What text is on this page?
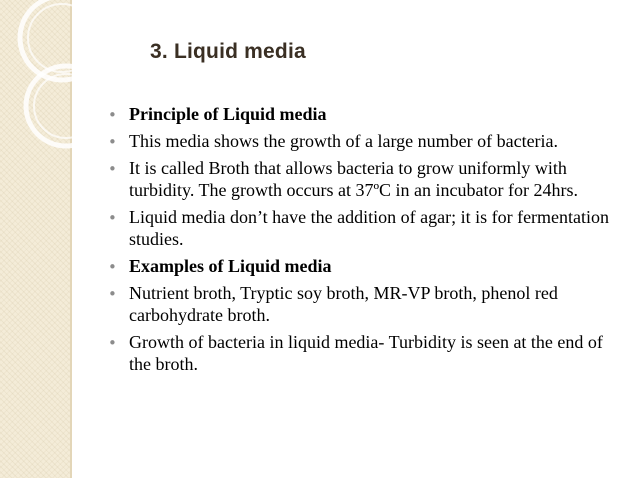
3. Liquid media
• Principle of Liquid media
• This media shows the growth of a large number of bacteria.
• It is called Broth that allows bacteria to grow uniformly with turbidity. The growth occurs at 37ºC in an incubator for 24hrs.
• Liquid media don’t have the addition of agar; it is for fermentation studies.
• Examples of Liquid media
• Nutrient broth, Tryptic soy broth, MR-VP broth, phenol red carbohydrate broth.
• Growth of bacteria in liquid media- Turbidity is seen at the end of the broth.
